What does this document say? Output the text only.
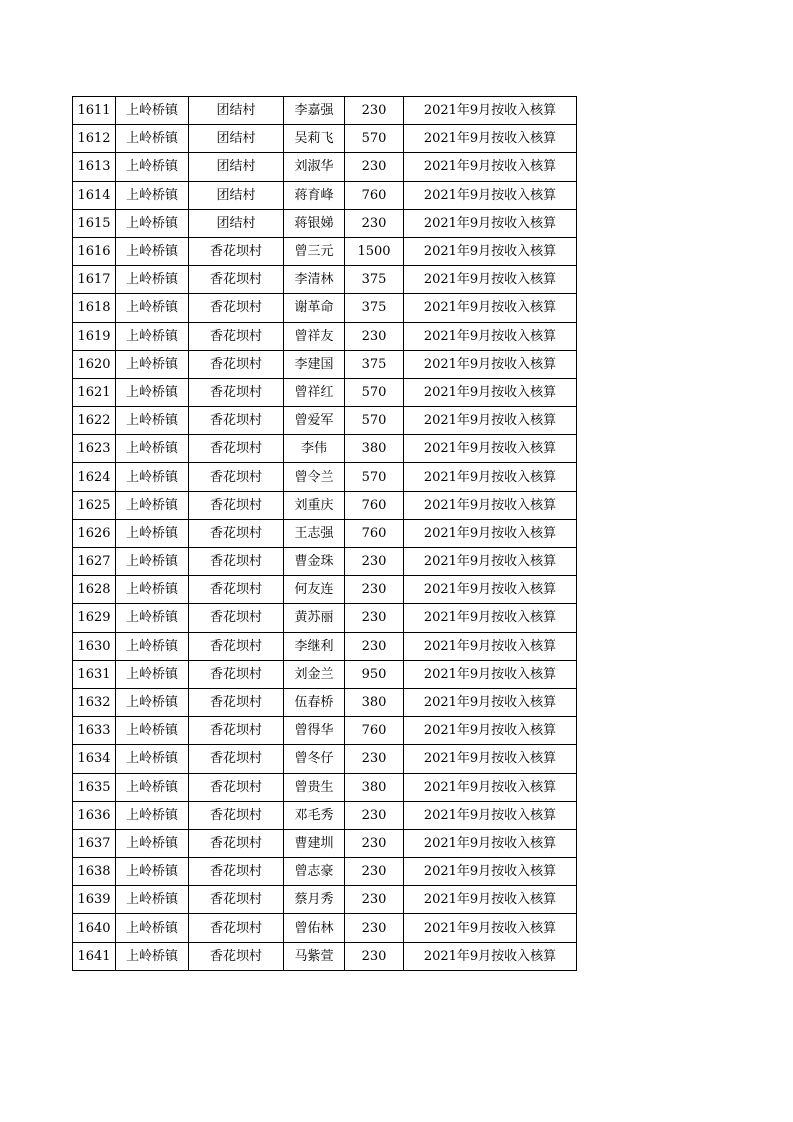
1611	上岭桥镇	团结村	李嘉强	230	2021年9月按收入核算
1612	上岭桥镇	团结村	吴莉飞	570	2021年9月按收入核算
1613	上岭桥镇	团结村	刘淑华	230	2021年9月按收入核算
1614	上岭桥镇	团结村	蒋育峰	760	2021年9月按收入核算
1615	上岭桥镇	团结村	蒋银娣	230	2021年9月按收入核算
1616	上岭桥镇	香花坝村	曾三元	1500	2021年9月按收入核算
1617	上岭桥镇	香花坝村	李清林	375	2021年9月按收入核算
1618	上岭桥镇	香花坝村	谢革命	375	2021年9月按收入核算
1619	上岭桥镇	香花坝村	曾祥友	230	2021年9月按收入核算
1620	上岭桥镇	香花坝村	李建国	375	2021年9月按收入核算
1621	上岭桥镇	香花坝村	曾祥红	570	2021年9月按收入核算
1622	上岭桥镇	香花坝村	曾爱军	570	2021年9月按收入核算
1623	上岭桥镇	香花坝村	李伟	380	2021年9月按收入核算
1624	上岭桥镇	香花坝村	曾令兰	570	2021年9月按收入核算
1625	上岭桥镇	香花坝村	刘重庆	760	2021年9月按收入核算
1626	上岭桥镇	香花坝村	王志强	760	2021年9月按收入核算
1627	上岭桥镇	香花坝村	曹金珠	230	2021年9月按收入核算
1628	上岭桥镇	香花坝村	何友连	230	2021年9月按收入核算
1629	上岭桥镇	香花坝村	黄苏丽	230	2021年9月按收入核算
1630	上岭桥镇	香花坝村	李继利	230	2021年9月按收入核算
1631	上岭桥镇	香花坝村	刘金兰	950	2021年9月按收入核算
1632	上岭桥镇	香花坝村	伍春桥	380	2021年9月按收入核算
1633	上岭桥镇	香花坝村	曾得华	760	2021年9月按收入核算
1634	上岭桥镇	香花坝村	曾冬仔	230	2021年9月按收入核算
1635	上岭桥镇	香花坝村	曾贵生	380	2021年9月按收入核算
1636	上岭桥镇	香花坝村	邓毛秀	230	2021年9月按收入核算
1637	上岭桥镇	香花坝村	曹建圳	230	2021年9月按收入核算
1638	上岭桥镇	香花坝村	曾志豪	230	2021年9月按收入核算
1639	上岭桥镇	香花坝村	蔡月秀	230	2021年9月按收入核算
1640	上岭桥镇	香花坝村	曾佑林	230	2021年9月按收入核算
1641	上岭桥镇	香花坝村	马紫萱	230	2021年9月按收入核算
